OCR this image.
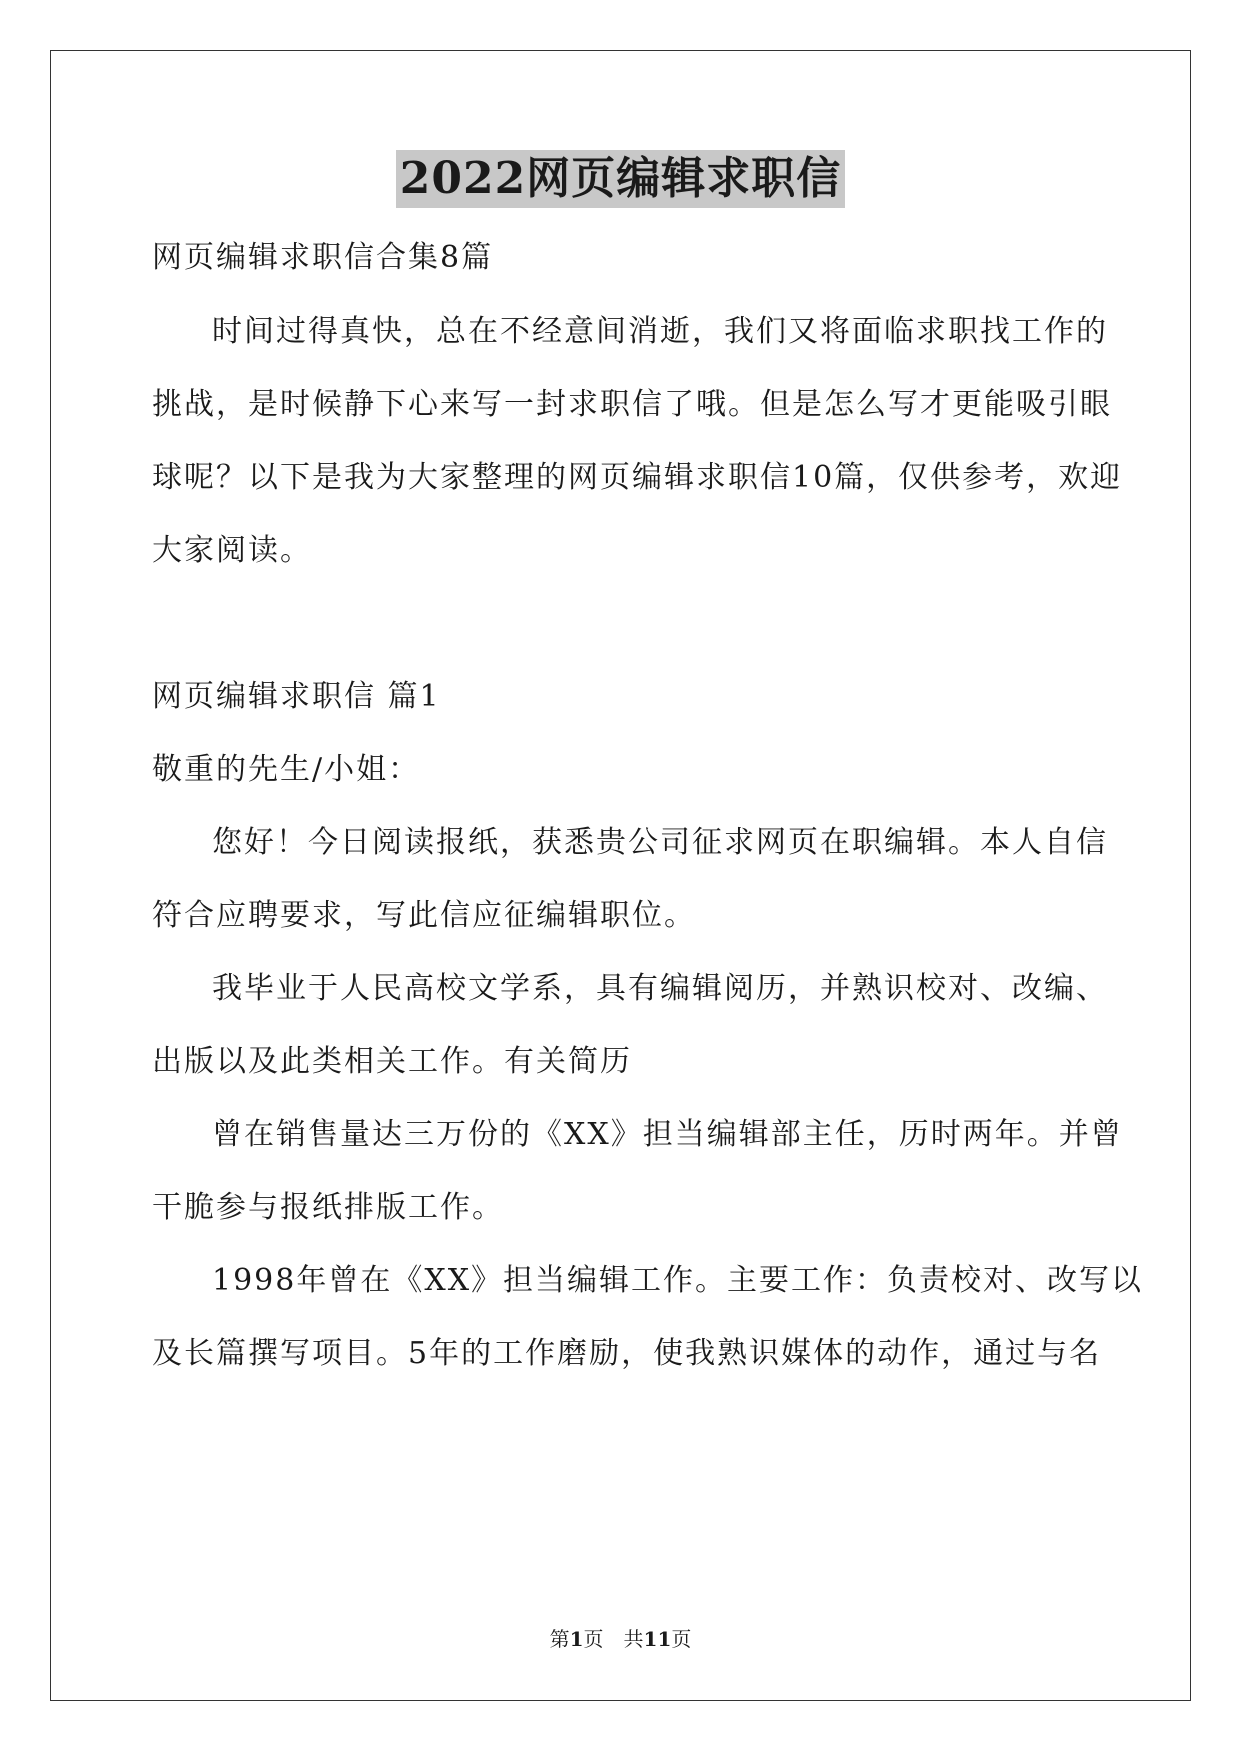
2022网页编辑求职信
网页编辑求职信合集8篇
时间过得真快，总在不经意间消逝，我们又将面临求职找工作的
挑战，是时候静下心来写一封求职信了哦。但是怎么写才更能吸引眼
球呢？以下是我为大家整理的网页编辑求职信10篇，仅供参考，欢迎
大家阅读。
网页编辑求职信 篇1
敬重的先生/小姐：
您好！今日阅读报纸，获悉贵公司征求网页在职编辑。本人自信
符合应聘要求，写此信应征编辑职位。
我毕业于人民高校文学系，具有编辑阅历，并熟识校对、改编、
出版以及此类相关工作。有关简历
曾在销售量达三万份的《XX》担当编辑部主任，历时两年。并曾
干脆参与报纸排版工作。
1998年曾在《XX》担当编辑工作。主要工作：负责校对、改写以
及长篇撰写项目。5年的工作磨励，使我熟识媒体的动作，通过与名
第1页　共11页
